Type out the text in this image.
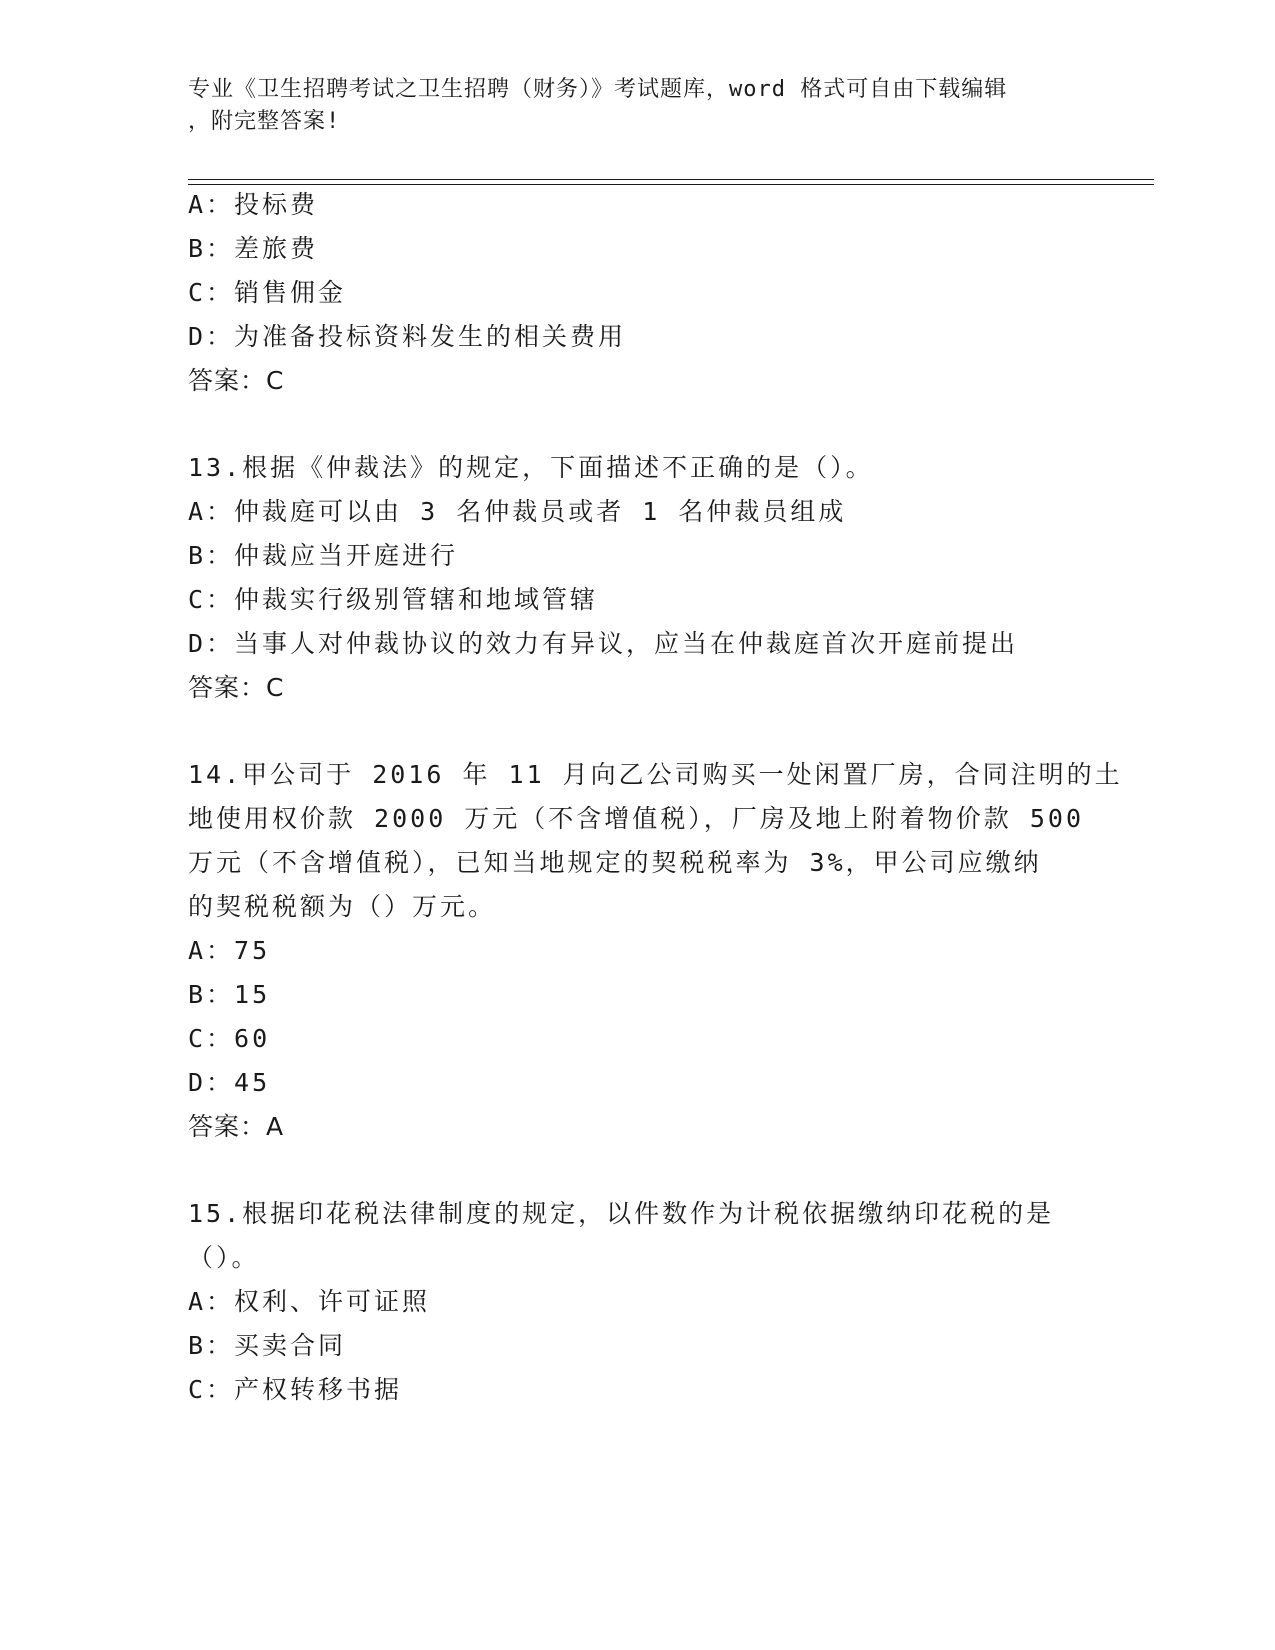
专业《卫生招聘考试之卫生招聘（财务）》考试题库，word 格式可自由下载编辑
，附完整答案!
A：投标费
B：差旅费
C：销售佣金
D：为准备投标资料发生的相关费用
答案：C
13.根据《仲裁法》的规定，下面描述不正确的是（）。
A：仲裁庭可以由 3 名仲裁员或者 1 名仲裁员组成
B：仲裁应当开庭进行
C：仲裁实行级别管辖和地域管辖
D：当事人对仲裁协议的效力有异议，应当在仲裁庭首次开庭前提出
答案：C
14.甲公司于 2016 年 11 月向乙公司购买一处闲置厂房，合同注明的土
地使用权价款 2000 万元（不含增值税），厂房及地上附着物价款 500
万元（不含增值税），已知当地规定的契税税率为 3%，甲公司应缴纳
的契税税额为（）万元。
A：75
B：15
C：60
D：45
答案：A
15.根据印花税法律制度的规定，以件数作为计税依据缴纳印花税的是
（）。
A：权利、许可证照
B：买卖合同
C：产权转移书据
